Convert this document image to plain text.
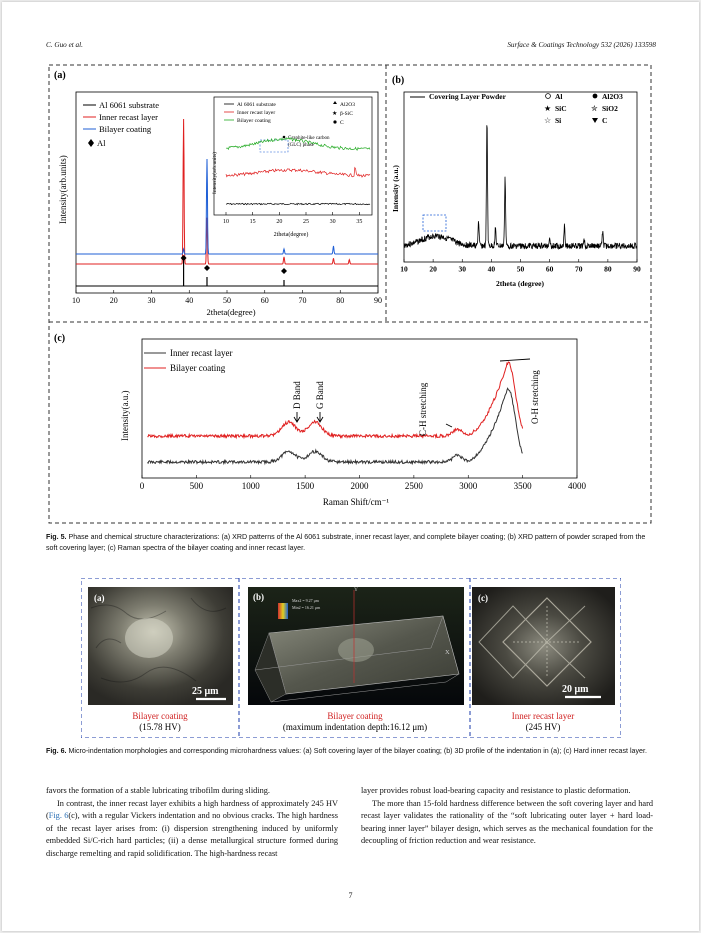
C. Guo et al.	Surface & Coatings Technology 532 (2026) 133598
(a)
Intensity(arb.units)
2theta(degree)
10	20	30	40	50	60	70	80	90
Al 6061 substrate
Inner recast layer
Bilayer coating
Al
Intensity(arb.units)
Al 6061 substrate
Inner recast layer
Bilayer coating
Al2O3
★ β-SiC
C
Graphite-like carbon
(GLC) phase
10	15	20	25	30	35
2theta(degree)
(b)
Intensity (a.u.)
2theta (degree)
Covering Layer Powder	Al	Al2O3
★ SiC	✮ SiO2
☆ Si	C
10	20	30	40	50	60	70	80	90
(c)
Intensity(a.u.)
Raman Shift/cm⁻¹
Inner recast layer
Bilayer coating
0	500	1000	1500	2000	2500	3000	3500	4000
D Band G Band	C-H stretching	O-H stretching

Fig. 5. Phase and chemical structure characterizations: (a) XRD patterns of the Al 6061 substrate, inner recast layer, and complete bilayer coating; (b) XRD pattern of powder scraped from the soft covering layer; (c) Raman spectra of the bilayer coating and inner recast layer.

(a)
25 μm
Bilayer coating
(15.78 HV)
Y
X
Max2 = 9.27 μm
Min2 = 16.21 μm
(b)
Bilayer coating
(maximum indentation depth:16.12 μm)
(c)
20 μm
Inner recast layer
(245 HV)

Fig. 6. Micro-indentation morphologies and corresponding microhardness values: (a) Soft covering layer of the bilayer coating; (b) 3D profile of the indentation in (a); (c) Hard inner recast layer.

favors the formation of a stable lubricating tribofilm during sliding.

In contrast, the inner recast layer exhibits a high hardness of approximately 245 HV (Fig. 6(c), with a regular Vickers indentation and no obvious cracks. The high hardness of the recast layer arises from: (i) dispersion strengthening induced by uniformly embedded Si/C-rich hard particles; (ii) a dense metallurgical structure formed during discharge remelting and rapid solidification. The high-hardness recast

layer provides robust load-bearing capacity and resistance to plastic deformation.

The more than 15-fold hardness difference between the soft covering layer and hard recast layer validates the rationality of the “soft lubricating outer layer + hard load-bearing inner layer” bilayer design, which serves as the mechanical foundation for the decoupling of friction reduction and wear resistance.

7
